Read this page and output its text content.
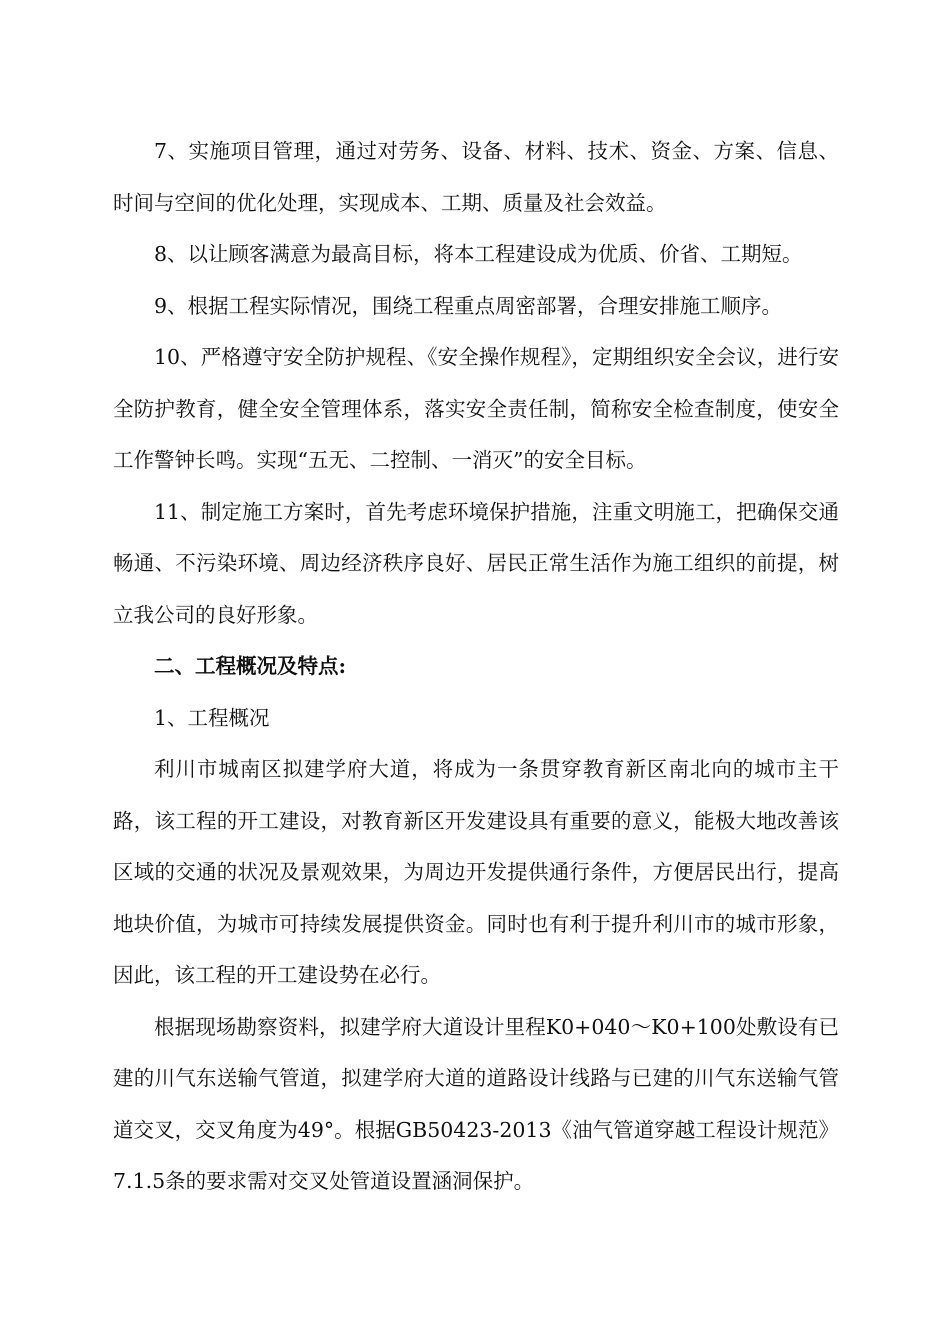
7、实施项目管理，通过对劳务、设备、材料、技术、资金、方案、信息、时间与空间的优化处理，实现成本、工期、质量及社会效益。

8、以让顾客满意为最高目标，将本工程建设成为优质、价省、工期短。

9、根据工程实际情况，围绕工程重点周密部署，合理安排施工顺序。

10、严格遵守安全防护规程、《安全操作规程》，定期组织安全会议，进行安全防护教育，健全安全管理体系，落实安全责任制，简称安全检查制度，使安全工作警钟长鸣。实现“五无、二控制、一消灭”的安全目标。

11、制定施工方案时，首先考虑环境保护措施，注重文明施工，把确保交通畅通、不污染环境、周边经济秩序良好、居民正常生活作为施工组织的前提，树立我公司的良好形象。

二、工程概况及特点:

1、工程概况

利川市城南区拟建学府大道，将成为一条贯穿教育新区南北向的城市主干路，该工程的开工建设，对教育新区开发建设具有重要的意义，能极大地改善该区域的交通的状况及景观效果，为周边开发提供通行条件，方便居民出行，提高地块价值，为城市可持续发展提供资金。同时也有利于提升利川市的城市形象，因此，该工程的开工建设势在必行。

根据现场勘察资料，拟建学府大道设计里程K0+040～K0+100处敷设有已建的川气东送输气管道，拟建学府大道的道路设计线路与已建的川气东送输气管道交叉，交叉角度为49°。根据GB50423-2013《油气管道穿越工程设计规范》7.1.5条的要求需对交叉处管道设置涵洞保护。
